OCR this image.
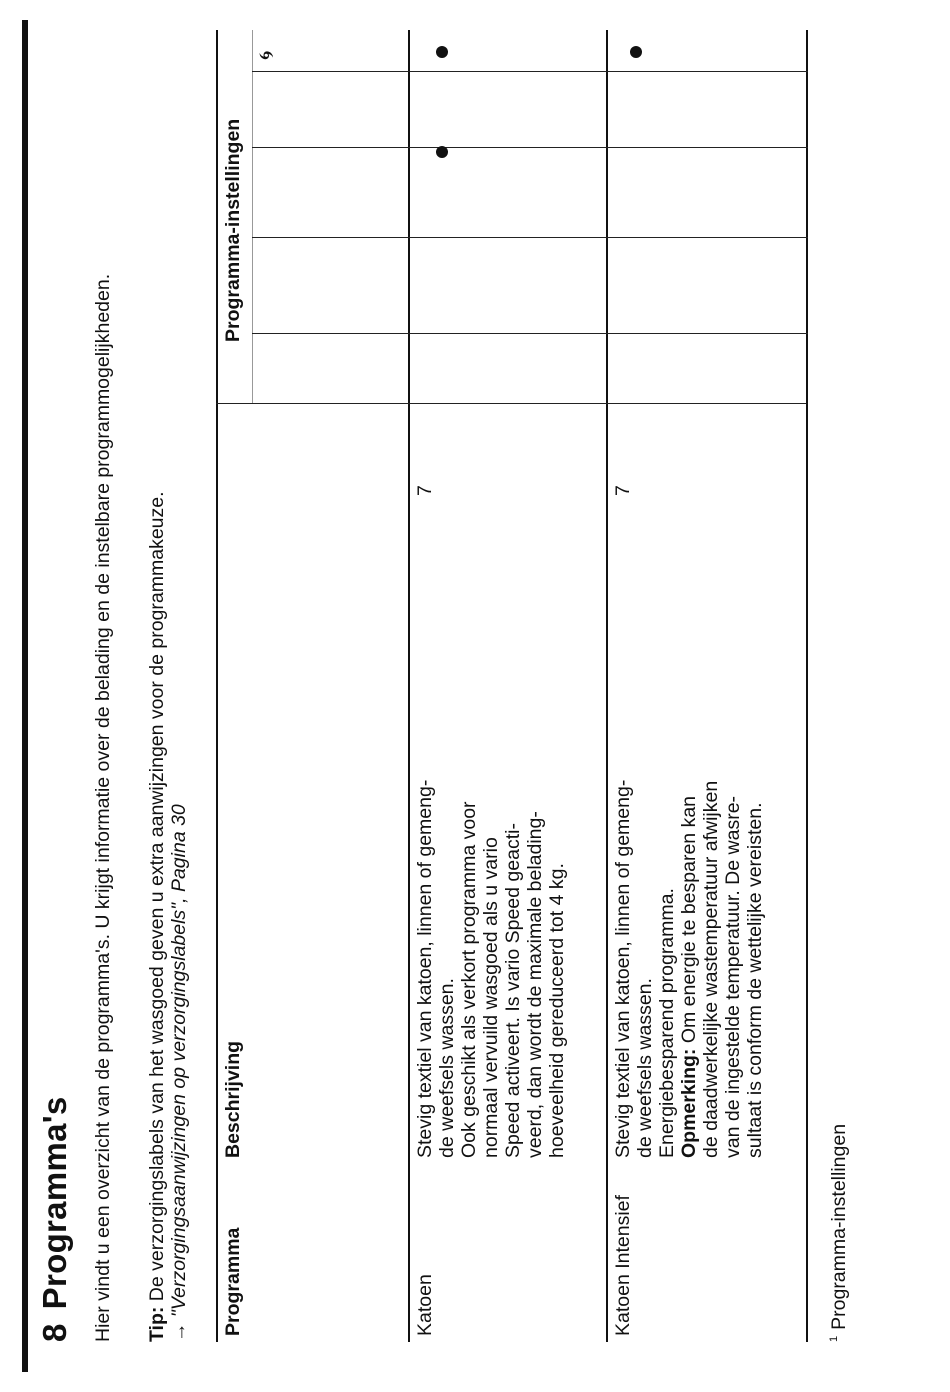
8Programma's Hier vindt u een overzicht van de programma's. U krijgt informatie over de belading en de instelbare programmogelijkheden. Tip: De verzorgingslabels van het wasgoed geven u extra aanwijzingen voor de programmakeuze.
→ "Verzorgingsaanwijzingen op verzorgingslabels", Pagina 30
Programma
Beschrijving
Programma-instellingen
🌀︎
Katoen
Stevig textiel van katoen, linnen of gemeng- de weefsels wassen. Ook geschikt als verkort programma voor normaal vervuild wasgoed als u vario Speed activeert. Is vario Speed geacti- veerd, dan wordt de maximale belading- hoeveelheid gereduceerd tot 4 kg.
7
Katoen Intensief
Stevig textiel van katoen, linnen of gemeng- de weefsels wassen. Energiebesparend programma. Opmerking: Om energie te besparen kan de daadwerkelijke wastemperatuur afwijken van de ingestelde temperatuur. De wasre- sultaat is conform de wettelijke vereisten.
7
$^1$Programma-instellingen
